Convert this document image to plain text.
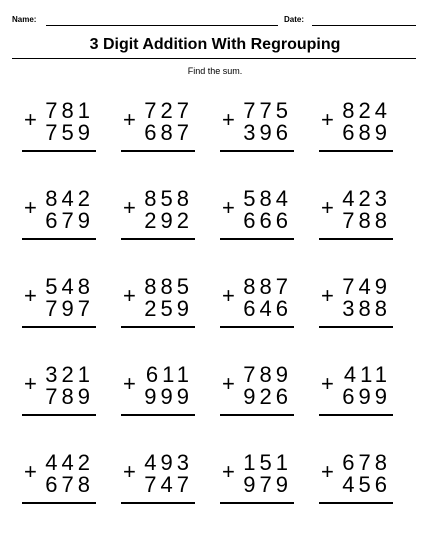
Name:	Date:
3 Digit Addition With Regrouping
Find the sum.
+ 781
759
+ 727
687
+ 775
396
+ 824
689
+ 842
679
+ 858
292
+ 584
666
+ 423
788
+ 548
797
+ 885
259
+ 887
646
+ 749
388
+ 321
789
+ 611
999
+ 789
926
+ 411
699
+ 442
678
+ 493
747
+ 151
979
+ 678
456
